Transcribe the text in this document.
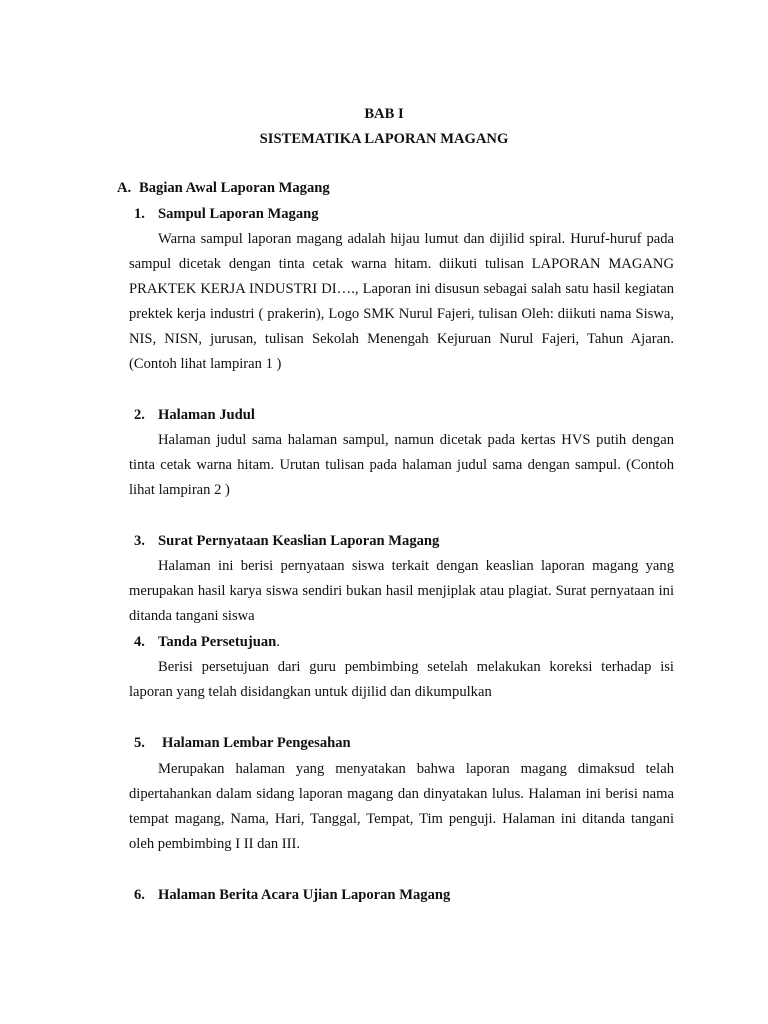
BAB I
SISTEMATIKA LAPORAN MAGANG
A. Bagian Awal Laporan Magang
1. Sampul Laporan Magang

Warna sampul laporan magang adalah hijau lumut dan dijilid spiral. Huruf-huruf pada sampul dicetak dengan tinta cetak warna hitam. diikuti tulisan LAPORAN MAGANG PRAKTEK KERJA INDUSTRI DI…., Laporan ini disusun sebagai salah satu hasil kegiatan prektek kerja industri ( prakerin), Logo SMK Nurul Fajeri, tulisan Oleh: diikuti nama Siswa, NIS, NISN, jurusan, tulisan Sekolah Menengah Kejuruan Nurul Fajeri, Tahun Ajaran. (Contoh lihat lampiran 1 )

2. Halaman Judul

Halaman judul sama halaman sampul, namun dicetak pada kertas HVS putih dengan tinta cetak warna hitam. Urutan tulisan pada halaman judul sama dengan sampul. (Contoh lihat lampiran 2 )

3. Surat Pernyataan Keaslian Laporan Magang

Halaman ini berisi pernyataan siswa terkait dengan keaslian laporan magang yang merupakan hasil karya siswa sendiri bukan hasil menjiplak atau plagiat. Surat pernyataan ini ditanda tangani siswa

4. Tanda Persetujuan.

Berisi persetujuan dari guru pembimbing setelah melakukan koreksi terhadap isi laporan yang telah disidangkan untuk dijilid dan dikumpulkan

5. Halaman Lembar Pengesahan

Merupakan halaman yang menyatakan bahwa laporan magang dimaksud telah dipertahankan dalam sidang laporan magang dan dinyatakan lulus. Halaman ini berisi nama tempat magang, Nama, Hari, Tanggal, Tempat, Tim penguji. Halaman ini ditanda tangani oleh pembimbing I II dan III.

6. Halaman Berita Acara Ujian Laporan Magang
